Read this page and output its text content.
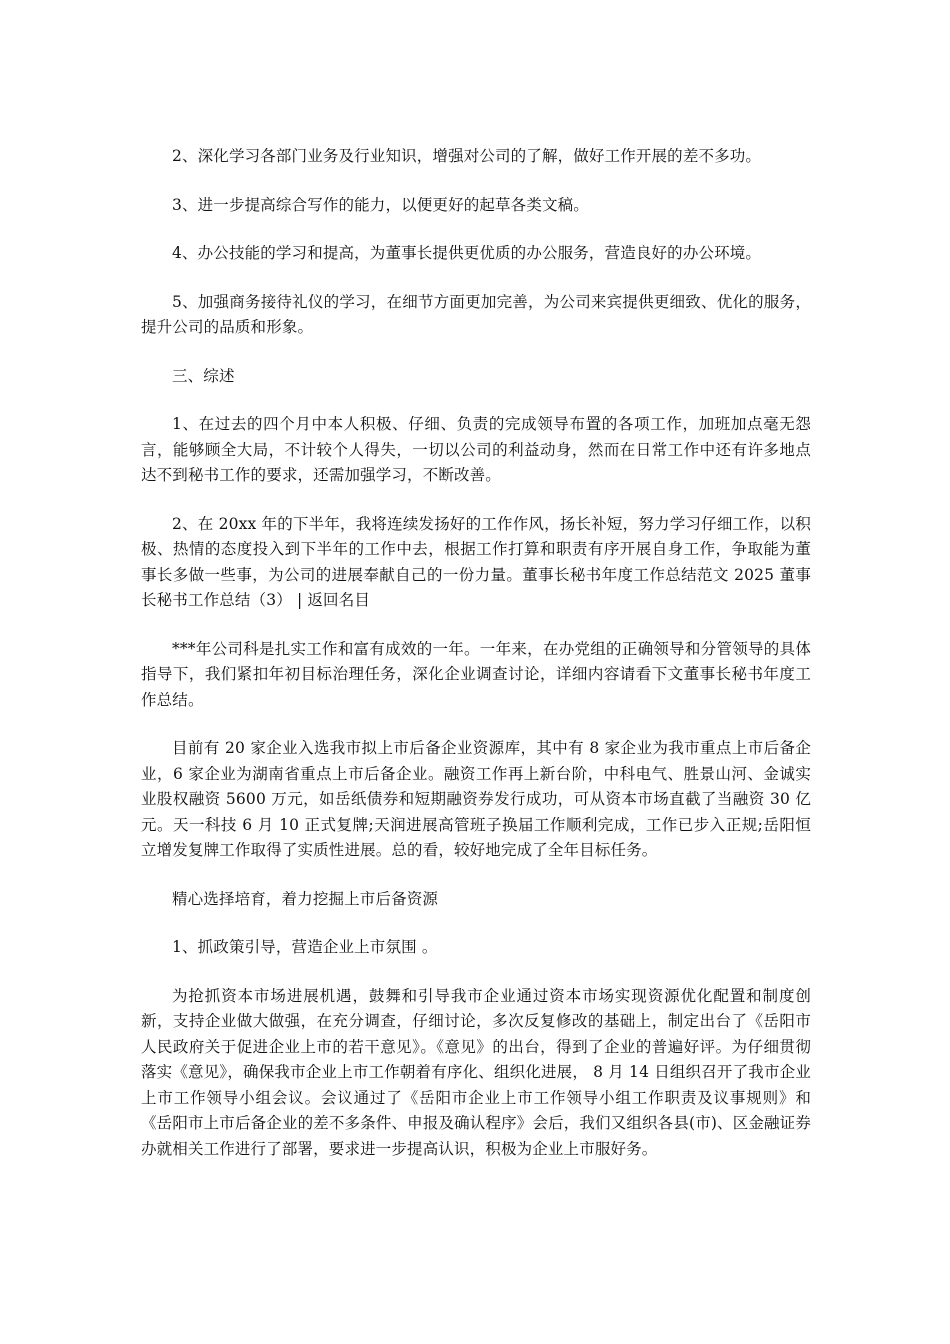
2、深化学习各部门业务及行业知识，增强对公司的了解，做好工作开展的差不多功。

3、进一步提高综合写作的能力，以便更好的起草各类文稿。

4、办公技能的学习和提高，为董事长提供更优质的办公服务，营造良好的办公环境。

5、加强商务接待礼仪的学习，在细节方面更加完善，为公司来宾提供更细致、优化的服务，提升公司的品质和形象。

三、综述

1、在过去的四个月中本人积极、仔细、负责的完成领导布置的各项工作，加班加点毫无怨言，能够顾全大局，不计较个人得失，一切以公司的利益动身，然而在日常工作中还有许多地点达不到秘书工作的要求，还需加强学习，不断改善。

2、在 20xx 年的下半年，我将连续发扬好的工作作风，扬长补短，努力学习仔细工作，以积极、热情的态度投入到下半年的工作中去，根据工作打算和职责有序开展自身工作，争取能为董事长多做一些事，为公司的进展奉献自己的一份力量。董事长秘书年度工作总结范文 2025 董事长秘书工作总结（3） | 返回名目

***年公司科是扎实工作和富有成效的一年。一年来，在办党组的正确领导和分管领导的具体指导下，我们紧扣年初目标治理任务，深化企业调查讨论，详细内容请看下文董事长秘书年度工作总结。

目前有 20 家企业入选我市拟上市后备企业资源库，其中有 8 家企业为我市重点上市后备企业，6 家企业为湖南省重点上市后备企业。融资工作再上新台阶，中科电气、胜景山河、金诚实业股权融资 5600 万元，如岳纸债券和短期融资券发行成功，可从资本市场直截了当融资 30 亿元。天一科技 6 月 10 正式复牌;天润进展高管班子换届工作顺利完成，工作已步入正规;岳阳恒立增发复牌工作取得了实质性进展。总的看，较好地完成了全年目标任务。

精心选择培育，着力挖掘上市后备资源

1、抓政策引导，营造企业上市氛围 。

为抢抓资本市场进展机遇，鼓舞和引导我市企业通过资本市场实现资源优化配置和制度创新，支持企业做大做强，在充分调查，仔细讨论，多次反复修改的基础上，制定出台了《岳阳市人民政府关于促进企业上市的若干意见》。《意见》的出台，得到了企业的普遍好评。为仔细贯彻落实《意见》，确保我市企业上市工作朝着有序化、组织化进展， 8 月 14 日组织召开了我市企业上市工作领导小组会议。会议通过了《岳阳市企业上市工作领导小组工作职责及议事规则》和《岳阳市上市后备企业的差不多条件、申报及确认程序》会后，我们又组织各县(市)、区金融证券办就相关工作进行了部署，要求进一步提高认识，积极为企业上市服好务。
